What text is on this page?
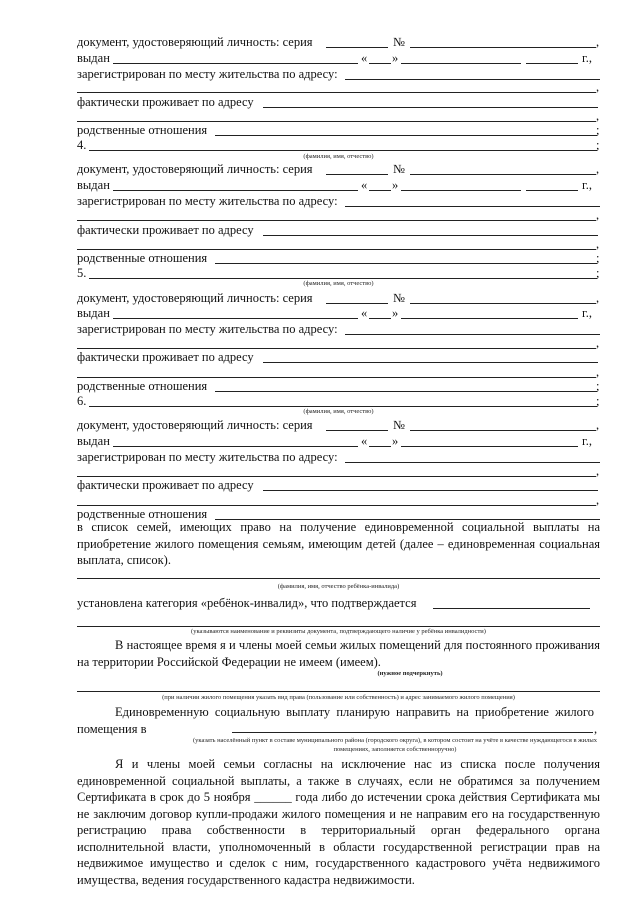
документ, удостоверяющий личность: серия	№	,
выдан	« »	г.,
зарегистрирован по месту жительства по адресу:
,
фактически проживает по адресу
,
родственные отношения	;
4.	;
(фамилия, имя, отчество)
документ, удостоверяющий личность: серия	№	,
выдан	« »	г.,
зарегистрирован по месту жительства по адресу:
,
фактически проживает по адресу
,
родственные отношения	;
5.	;
(фамилия, имя, отчество)
документ, удостоверяющий личность: серия	№	,
выдан	« »	г.,
зарегистрирован по месту жительства по адресу:
,
фактически проживает по адресу
,
родственные отношения	;
6.	;
(фамилия, имя, отчество)
документ, удостоверяющий личность: серия	№	,
выдан	« »	г.,
зарегистрирован по месту жительства по адресу:
,
фактически проживает по адресу
,
родственные отношения
в список семей, имеющих право на получение единовременной социальной выплаты на приобретение жилого помещения семьям, имеющим детей (далее – единовременная социальная выплата, список).
(фамилия, имя, отчество ребёнка-инвалида)
установлена категория «ребёнок-инвалид», что подтверждается
(указываются наименование и реквизиты документа, подтверждающего наличие у ребёнка инвалидности)
В настоящее время я и члены моей семьи жилых помещений для постоянного проживания на территории Российской Федерации не имеем (имеем).
(нужное подчеркнуть)
(при наличии жилого помещения указать вид права (пользование или собственность) и адрес занимаемого жилого помещения)
Единовременную социальную выплату планирую направить на приобретение жилого помещения в	,
(указать населённый пункт в составе муниципального района (городского округа), в котором состоит на учёте в качестве нуждающегося в жилых помещениях, заполняется собственноручно)
Я и члены моей семьи согласны на исключение нас из списка после получения единовременной социальной выплаты, а также в случаях, если не обратимся за получением Сертификата в срок до 5 ноября ______ года либо до истечении срока действия Сертификата мы не заключим договор купли-продажи жилого помещения и не направим его на государственную регистрацию права собственности в территориальный орган федерального органа исполнительной власти, уполномоченный в области государственной регистрации прав на недвижимое имущество и сделок с ним, государственного кадастрового учёта недвижимого имущества, ведения государственного кадастра недвижимости.
